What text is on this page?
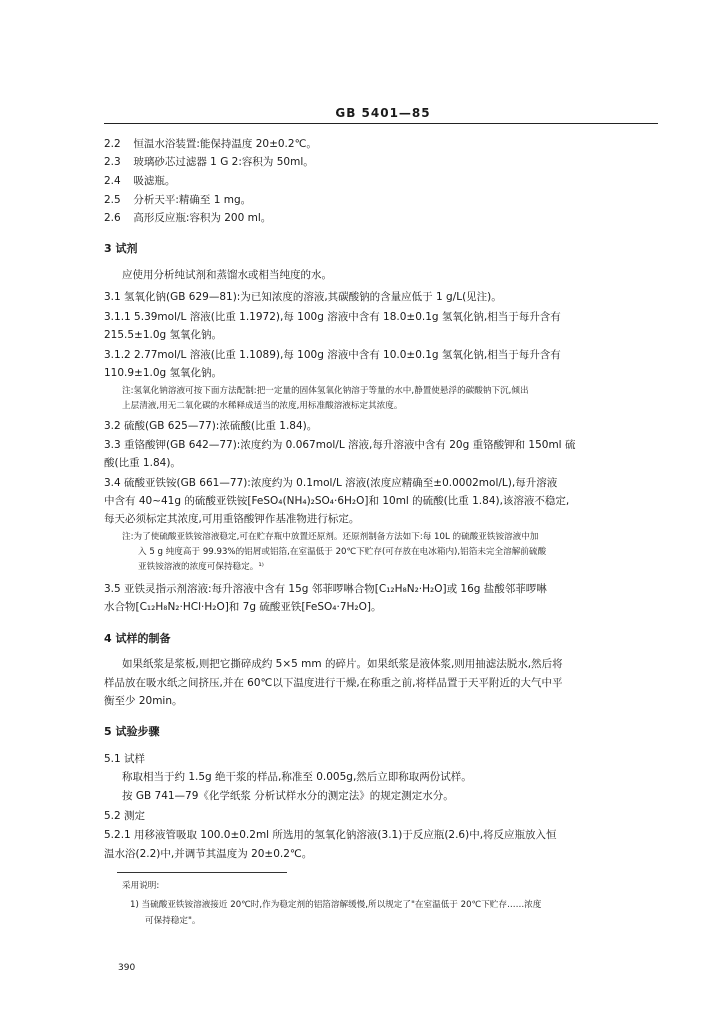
GB 5401—85
2.2 恒温水浴装置:能保持温度 20±0.2℃。
2.3 玻璃砂芯过滤器 1 G 2:容积为 50ml。
2.4 吸滤瓶。
2.5 分析天平:精确至 1 mg。
2.6 高形反应瓶:容积为 200 ml。
3 试剂
应使用分析纯试剂和蒸馏水或相当纯度的水。
3.1 氢氧化钠(GB 629—81):为已知浓度的溶液,其碳酸钠的含量应低于 1 g/L(见注)。
3.1.1 5.39mol/L 溶液(比重 1.1972),每 100g 溶液中含有 18.0±0.1g 氢氧化钠,相当于每升含有
215.5±1.0g 氢氧化钠。
3.1.2 2.77mol/L 溶液(比重 1.1089),每 100g 溶液中含有 10.0±0.1g 氢氧化钠,相当于每升含有
110.9±1.0g 氢氧化钠。
注:氢氧化钠溶液可按下面方法配制:把一定量的固体氢氧化钠溶于等量的水中,静置使悬浮的碳酸钠下沉,倾出
上层清液,用无二氧化碳的水稀释成适当的浓度,用标准酸溶液标定其浓度。
3.2 硫酸(GB 625—77):浓硫酸(比重 1.84)。
3.3 重铬酸钾(GB 642—77):浓度约为 0.067mol/L 溶液,每升溶液中含有 20g 重铬酸钾和 150ml 硫
酸(比重 1.84)。
3.4 硫酸亚铁铵(GB 661—77):浓度约为 0.1mol/L 溶液(浓度应精确至±0.0002mol/L),每升溶液
中含有 40~41g 的硫酸亚铁铵[FeSO₄(NH₄)₂SO₄·6H₂O]和 10ml 的硫酸(比重 1.84),该溶液不稳定,
每天必须标定其浓度,可用重铬酸钾作基准物进行标定。
注:为了使硫酸亚铁铵溶液稳定,可在贮存瓶中放置还原剂。还原剂制备方法如下:每 10L 的硫酸亚铁铵溶液中加
入 5 g 纯度高于 99.93%的铝屑或铝箔,在室温低于 20℃下贮存(可存放在电冰箱内),铝箔未完全溶解前硫酸
亚铁铵溶液的浓度可保持稳定。¹⁾
3.5 亚铁灵指示剂溶液:每升溶液中含有 15g 邻菲啰啉合物[C₁₂H₈N₂·H₂O]或 16g 盐酸邻菲啰啉
水合物[C₁₂H₈N₂·HCl·H₂O]和 7g 硫酸亚铁[FeSO₄·7H₂O]。
4 试样的制备
如果纸浆是浆板,则把它撕碎成约 5×5 mm 的碎片。如果纸浆是液体浆,则用抽滤法脱水,然后将
样品放在吸水纸之间挤压,并在 60℃以下温度进行干燥,在称重之前,将样品置于天平附近的大气中平
衡至少 20min。
5 试验步骤
5.1 试样
称取相当于约 1.5g 绝干浆的样品,称准至 0.005g,然后立即称取两份试样。
按 GB 741—79《化学纸浆 分析试样水分的测定法》的规定测定水分。
5.2 测定
5.2.1 用移液管吸取 100.0±0.2ml 所选用的氢氧化钠溶液(3.1)于反应瓶(2.6)中,将反应瓶放入恒
温水浴(2.2)中,并调节其温度为 20±0.2℃。
采用说明:
1) 当硫酸亚铁铵溶液接近 20℃时,作为稳定剂的铝箔溶解缓慢,所以规定了"在室温低于 20℃下贮存……浓度
可保持稳定"。
390
